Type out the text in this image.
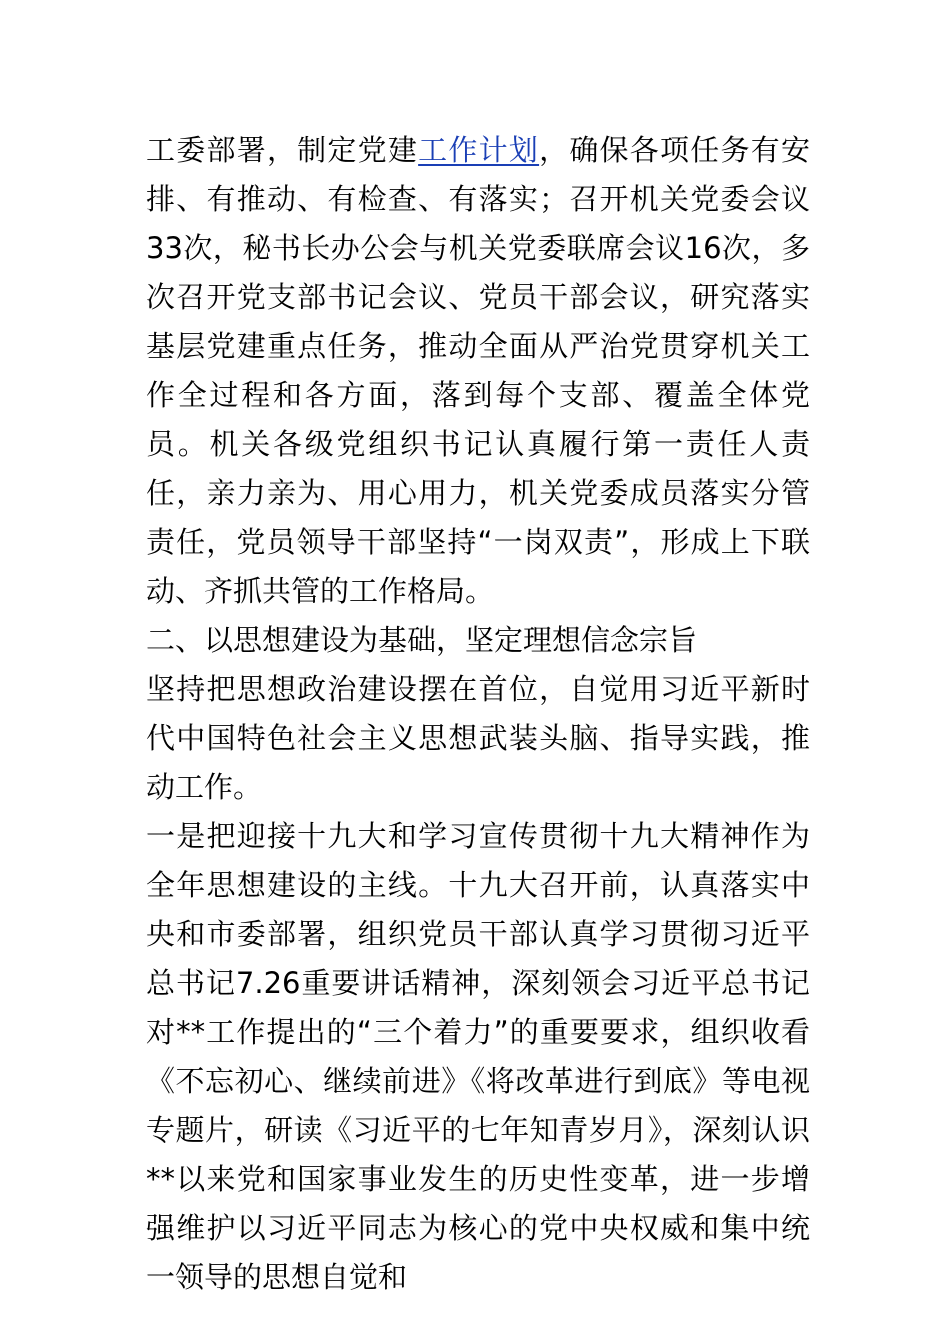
工委部署，制定党建工作计划，确保各项任务有安排、有推动、有检查、有落实；召开机关党委会议33次，秘书长办公会与机关党委联席会议16次，多次召开党支部书记会议、党员干部会议，研究落实基层党建重点任务，推动全面从严治党贯穿机关工作全过程和各方面，落到每个支部、覆盖全体党员。机关各级党组织书记认真履行第一责任人责任，亲力亲为、用心用力，机关党委成员落实分管责任，党员领导干部坚持“一岗双责”，形成上下联动、齐抓共管的工作格局。

二、以思想建设为基础，坚定理想信念宗旨

坚持把思想政治建设摆在首位，自觉用习近平新时代中国特色社会主义思想武装头脑、指导实践，推动工作。

一是把迎接十九大和学习宣传贯彻十九大精神作为全年思想建设的主线。十九大召开前，认真落实中央和市委部署，组织党员干部认真学习贯彻习近平总书记7.26重要讲话精神，深刻领会习近平总书记对**工作提出的“三个着力”的重要要求，组织收看《不忘初心、继续前进》《将改革进行到底》等电视专题片，研读《习近平的七年知青岁月》，深刻认识**以来党和国家事业发生的历史性变革，进一步增强维护以习近平同志为核心的党中央权威和集中统一领导的思想自觉和
